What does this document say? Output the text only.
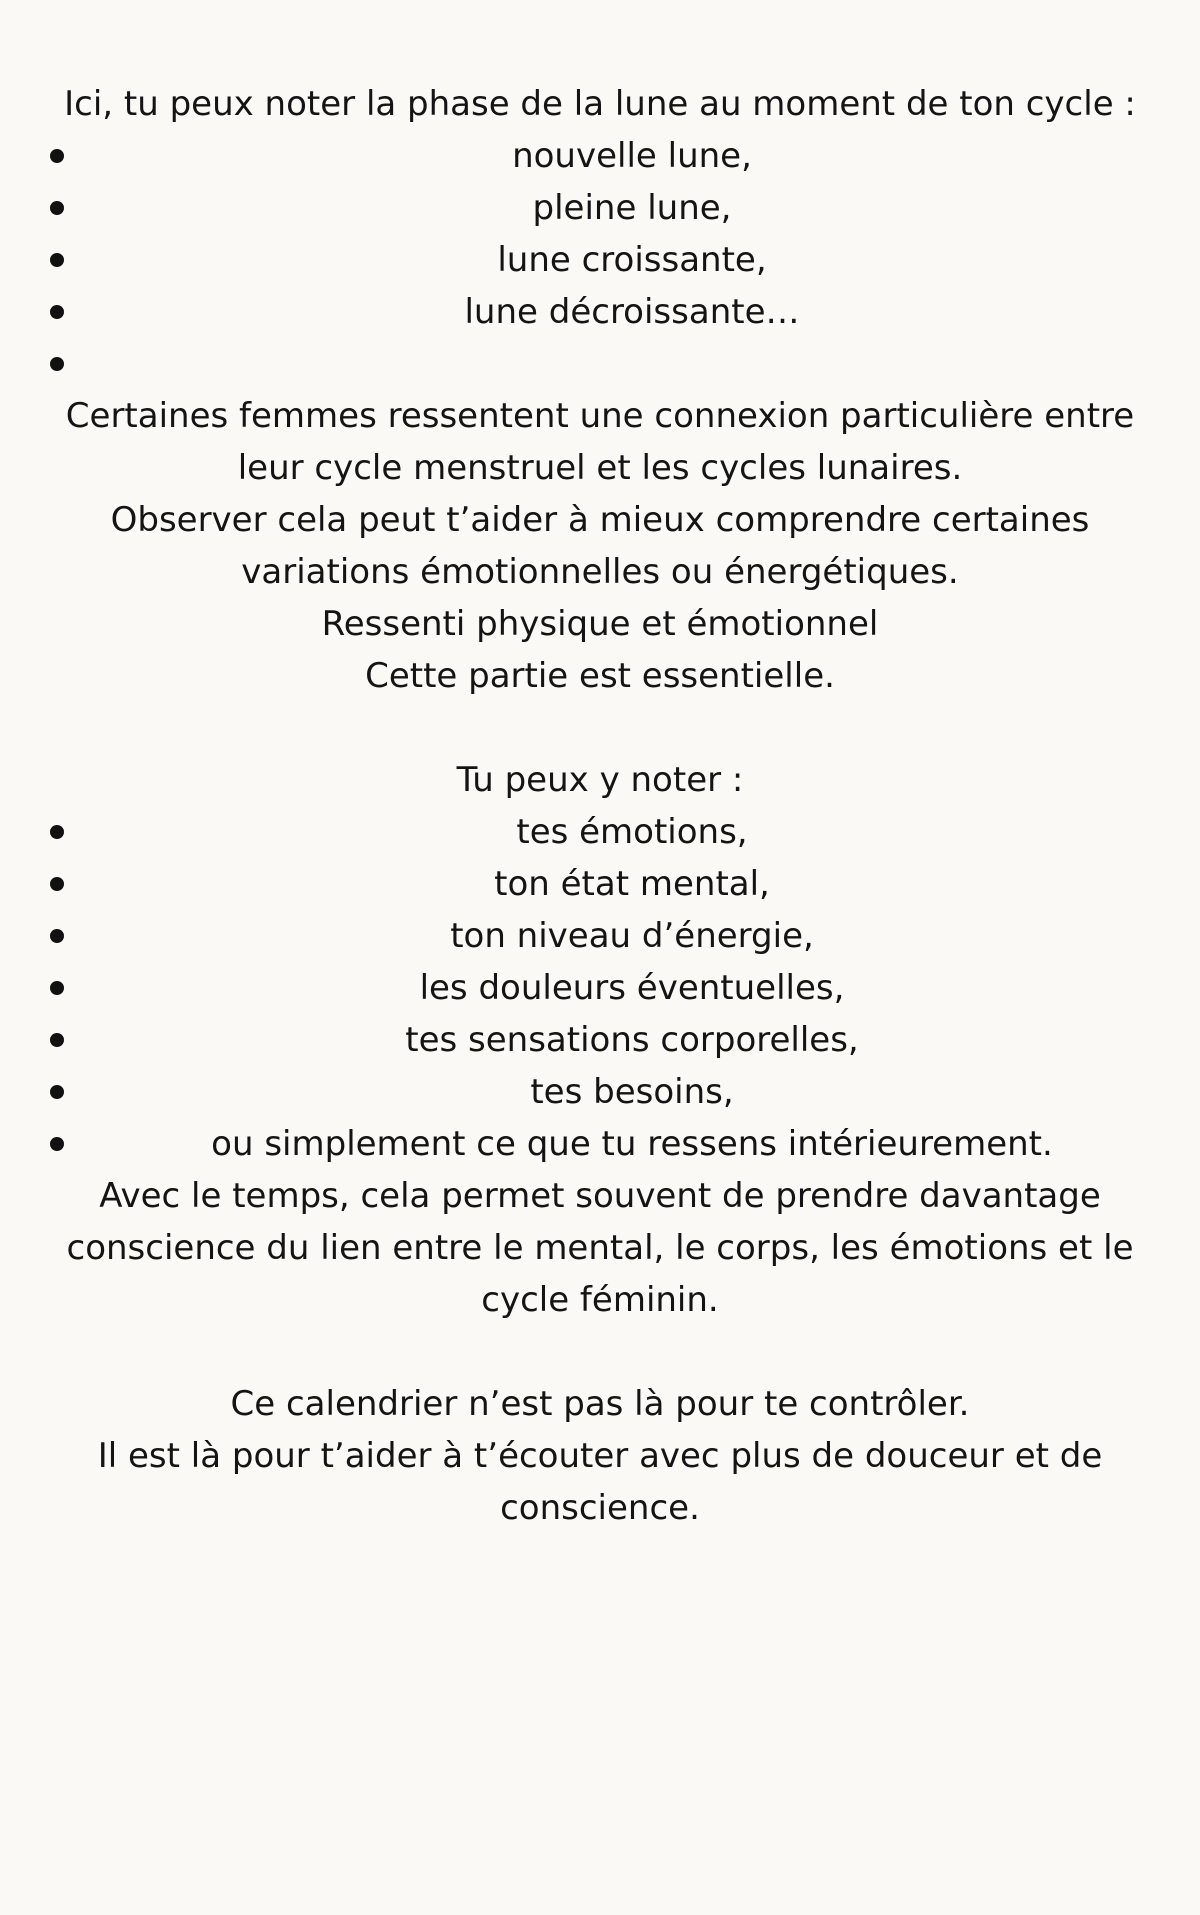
Ici, tu peux noter la phase de la lune au moment de ton cycle :
nouvelle lune,
pleine lune,
lune croissante,
lune décroissante…
Certaines femmes ressentent une connexion particulière entre
leur cycle menstruel et les cycles lunaires.
Observer cela peut t’aider à mieux comprendre certaines
variations émotionnelles ou énergétiques.
Ressenti physique et émotionnel
Cette partie est essentielle.
Tu peux y noter :
tes émotions,
ton état mental,
ton niveau d’énergie,
les douleurs éventuelles,
tes sensations corporelles,
tes besoins,
ou simplement ce que tu ressens intérieurement.
Avec le temps, cela permet souvent de prendre davantage
conscience du lien entre le mental, le corps, les émotions et le
cycle féminin.
Ce calendrier n’est pas là pour te contrôler.
Il est là pour t’aider à t’écouter avec plus de douceur et de
conscience.
